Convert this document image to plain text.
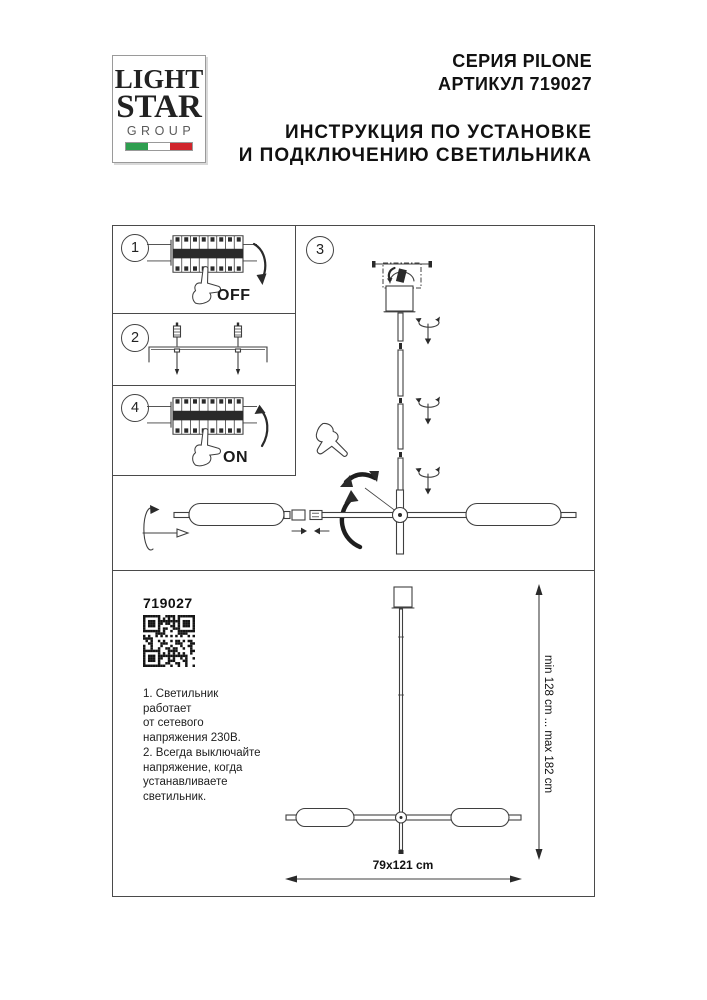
LIGHT
STAR
GROUP
СЕРИЯ PILONE
АРТИКУЛ 719027
ИНСТРУКЦИЯ ПО УСТАНОВКЕ
И ПОДКЛЮЧЕНИЮ СВЕТИЛЬНИКА
3
1
OFF
2
4
ON
719027
1. Светильник
работает
от сетевого
напряжения 230В.
2. Всегда выключайте
напряжение, когда
устанавливаете
светильник.
min 128 cm ... max 182 cm
79x121 cm
